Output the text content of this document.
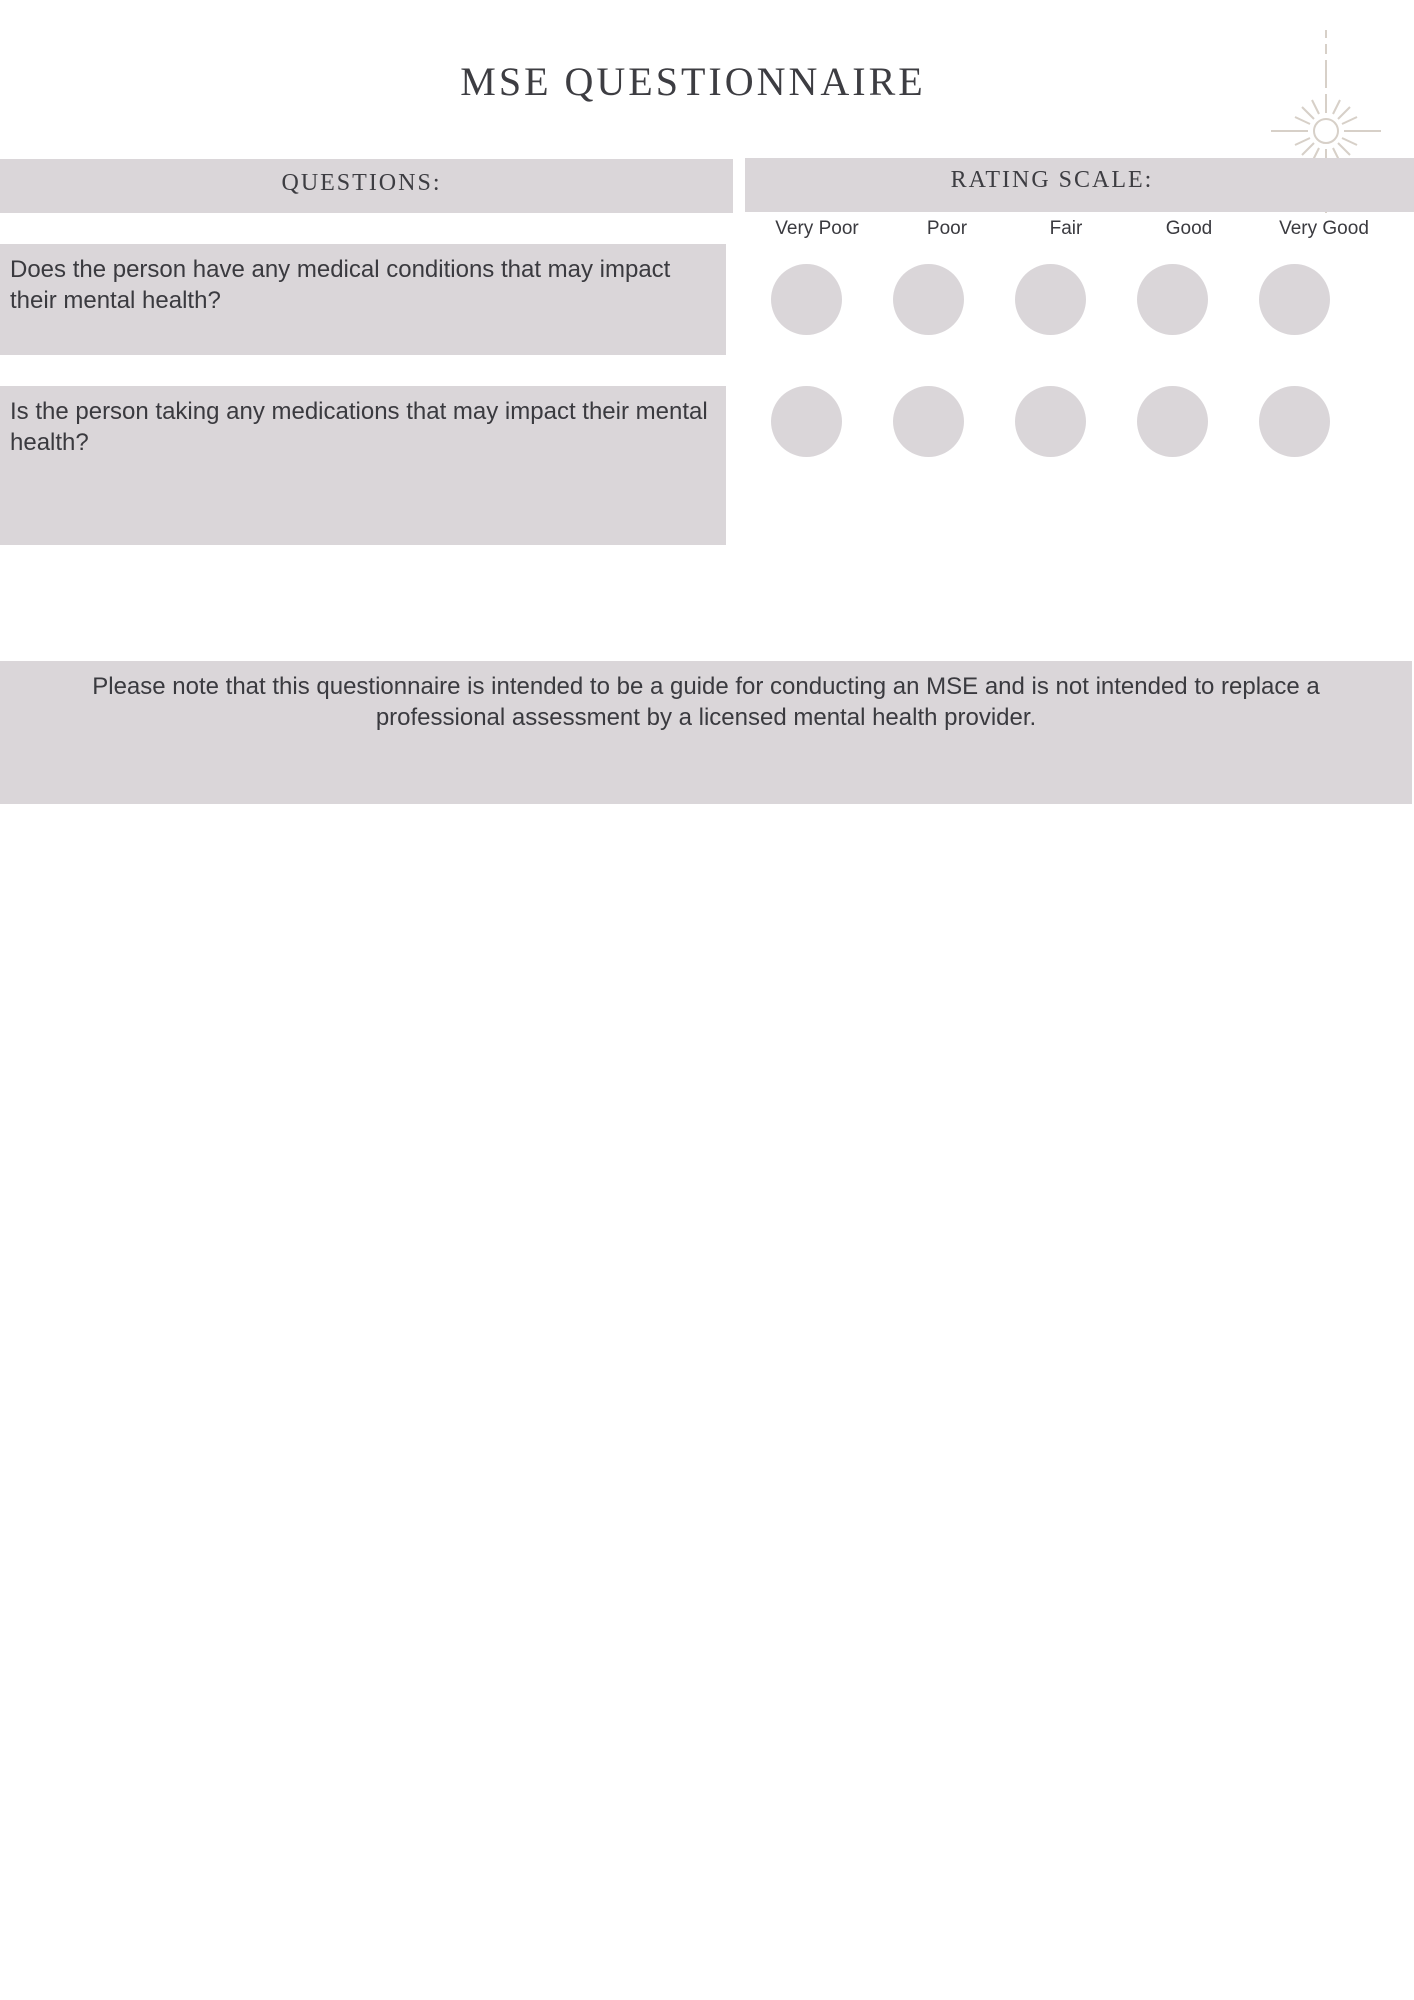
MSE QUESTIONNAIRE
QUESTIONS:	RATING SCALE:
Very Poor	Poor	Fair	Good	Very Good
Does the person have any medical conditions that may impact their mental health?
Is the person taking any medications that may impact their mental health?
Please note that this questionnaire is intended to be a guide for conducting an MSE and is not intended to replace a professional assessment by a licensed mental health provider.
